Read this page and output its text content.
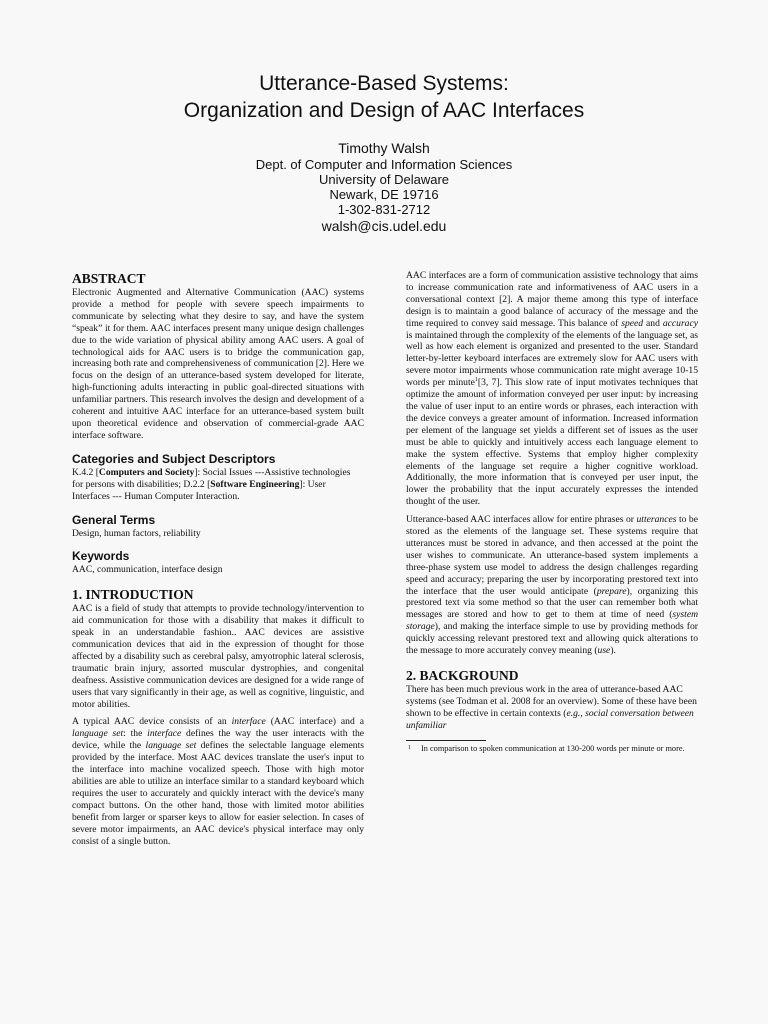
Utterance-Based Systems:
Organization and Design of AAC Interfaces
Timothy Walsh
Dept. of Computer and Information Sciences
University of Delaware
Newark, DE 19716
1-302-831-2712
walsh@cis.udel.edu
ABSTRACT

Electronic Augmented and Alternative Communication (AAC) systems provide a method for people with severe speech impairments to communicate by selecting what they desire to say, and have the system “speak” it for them. AAC interfaces present many unique design challenges due to the wide variation of physical ability among AAC users. A goal of technological aids for AAC users is to bridge the communication gap, increasing both rate and comprehensiveness of communication [2]. Here we focus on the design of an utterance-based system developed for literate, high-functioning adults interacting in public goal-directed situations with unfamiliar partners. This research involves the design and development of a coherent and intuitive AAC interface for an utterance-based system built upon theoretical evidence and observation of commercial-grade AAC interface software.

Categories and Subject Descriptors

K.4.2 [Computers and Society]: Social Issues ---Assistive technologies for persons with disabilities; D.2.2 [Software Engineering]: User Interfaces --- Human Computer Interaction.

General Terms

Design, human factors, reliability

Keywords

AAC, communication, interface design

1. INTRODUCTION

AAC is a field of study that attempts to provide technology/intervention to aid communication for those with a disability that makes it difficult to speak in an understandable fashion.. AAC devices are assistive communication devices that aid in the expression of thought for those affected by a disability such as cerebral palsy, amyotrophic lateral sclerosis, traumatic brain injury, assorted muscular dystrophies, and congenital deafness. Assistive communication devices are designed for a wide range of users that vary significantly in their age, as well as cognitive, linguistic, and motor abilities.

A typical AAC device consists of an interface (AAC interface) and a language set: the interface defines the way the user interacts with the device, while the language set defines the selectable language elements provided by the interface. Most AAC devices translate the user's input to the interface into machine vocalized speech. Those with high motor abilities are able to utilize an interface similar to a standard keyboard which requires the user to accurately and quickly interact with the device's many compact buttons. On the other hand, those with limited motor abilities benefit from larger or sparser keys to allow for easier selection. In cases of severe motor impairments, an AAC device's physical interface may only consist of a single button.

AAC interfaces are a form of communication assistive technology that aims to increase communication rate and informativeness of AAC users in a conversational context [2]. A major theme among this type of interface design is to maintain a good balance of accuracy of the message and the time required to convey said message. This balance of speed and accuracy is maintained through the complexity of the elements of the language set, as well as how each element is organized and presented to the user. Standard letter-by-letter keyboard interfaces are extremely slow for AAC users with severe motor impairments whose communication rate might average 10-15 words per minute$^1$[3, 7]. This slow rate of input motivates techniques that optimize the amount of information conveyed per user input: by increasing the value of user input to an entire words or phrases, each interaction with the device conveys a greater amount of information. Increased information per element of the language set yields a different set of issues as the user must be able to quickly and intuitively access each language element to make the system effective. Systems that employ higher complexity elements of the language set require a higher cognitive workload. Additionally, the more information that is conveyed per user input, the lower the probability that the input accurately expresses the intended thought of the user.

Utterance-based AAC interfaces allow for entire phrases or utterances to be stored as the elements of the language set. These systems require that utterances must be stored in advance, and then accessed at the point the user wishes to communicate. An utterance-based system implements a three-phase system use model to address the design challenges regarding speed and accuracy; preparing the user by incorporating prestored text into the interface that the user would anticipate (prepare), organizing this prestored text via some method so that the user can remember both what messages are stored and how to get to them at time of need (system storage), and making the interface simple to use by providing methods for quickly accessing relevant prestored text and allowing quick alterations to the message to more accurately convey meaning (use).

2. BACKGROUND

There has been much previous work in the area of utterance-based AAC systems (see Todman et al. 2008 for an overview). Some of these have been shown to be effective in certain contexts (e.g., social conversation between unfamiliar

1 In comparison to spoken communication at 130-200 words per minute or more.
